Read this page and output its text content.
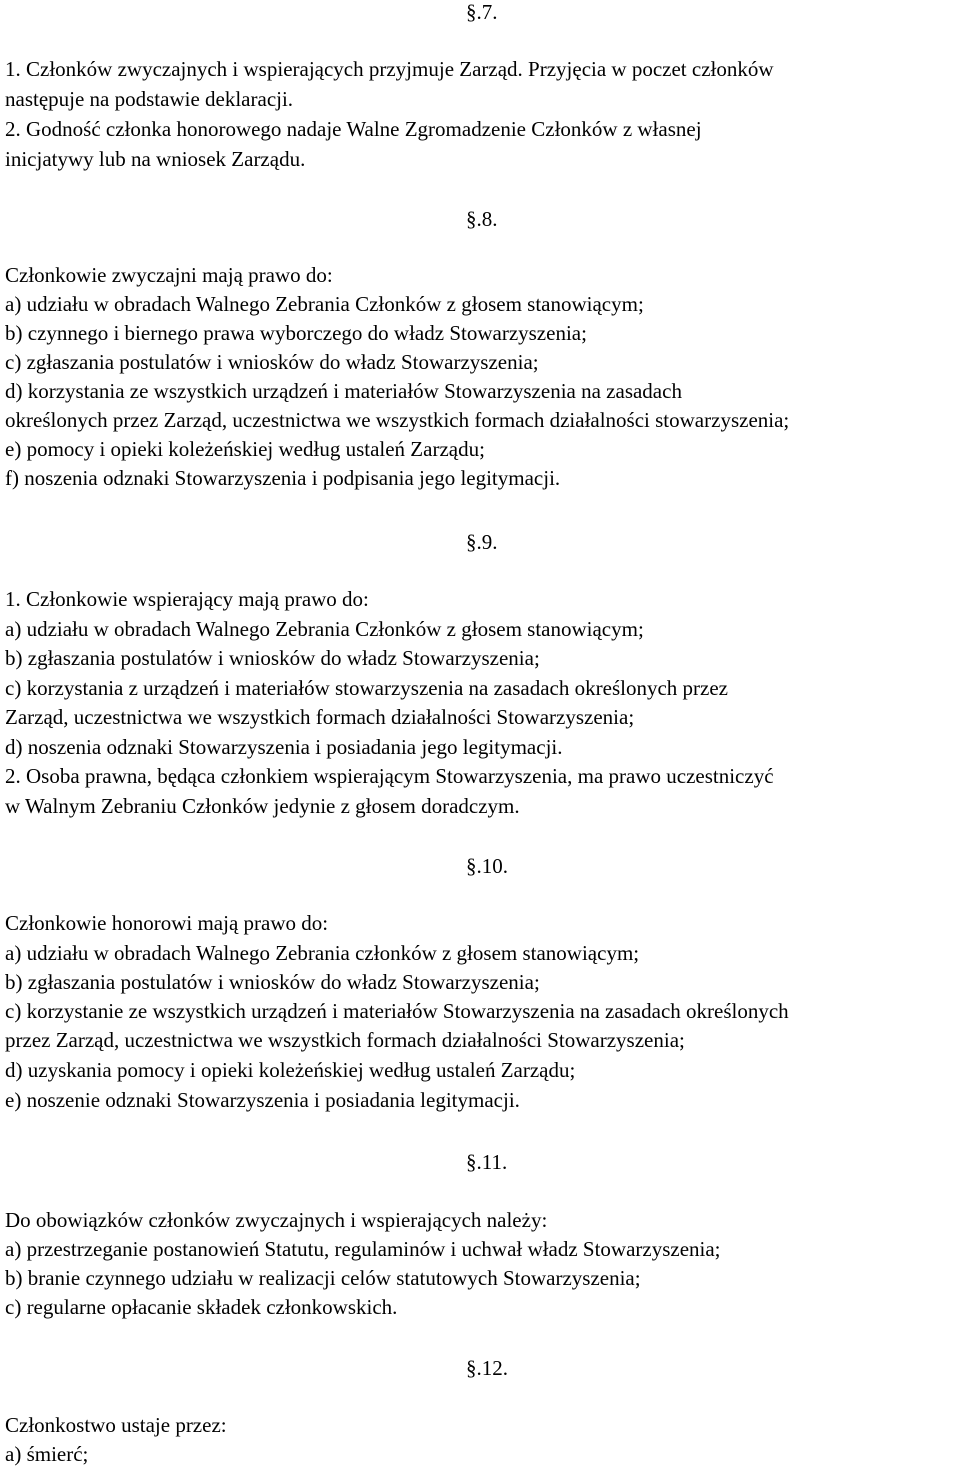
§.7.
1. Członków zwyczajnych i wspierających przyjmuje Zarząd. Przyjęcia w poczet członków
następuje na podstawie deklaracji.
2. Godność członka honorowego nadaje Walne Zgromadzenie Członków z własnej
inicjatywy lub na wniosek Zarządu.
§.8.
Członkowie zwyczajni mają prawo do:
a) udziału w obradach Walnego Zebrania Członków z głosem stanowiącym;
b) czynnego i biernego prawa wyborczego do władz Stowarzyszenia;
c) zgłaszania postulatów i wniosków do władz Stowarzyszenia;
d) korzystania ze wszystkich urządzeń i materiałów Stowarzyszenia na zasadach
określonych przez Zarząd, uczestnictwa we wszystkich formach działalności stowarzyszenia;
e) pomocy i opieki koleżeńskiej według ustaleń Zarządu;
f) noszenia odznaki Stowarzyszenia i podpisania jego legitymacji.
§.9.
1. Członkowie wspierający mają prawo do:
a) udziału w obradach Walnego Zebrania Członków z głosem stanowiącym;
b) zgłaszania postulatów i wniosków do władz Stowarzyszenia;
c) korzystania z urządzeń i materiałów stowarzyszenia na zasadach określonych przez
Zarząd, uczestnictwa we wszystkich formach działalności Stowarzyszenia;
d) noszenia odznaki Stowarzyszenia i posiadania jego legitymacji.
2. Osoba prawna, będąca członkiem wspierającym Stowarzyszenia, ma prawo uczestniczyć
w Walnym Zebraniu Członków jedynie z głosem doradczym.
§.10.
Członkowie honorowi mają prawo do:
a) udziału w obradach Walnego Zebrania członków z głosem stanowiącym;
b) zgłaszania postulatów i wniosków do władz Stowarzyszenia;
c) korzystanie ze wszystkich urządzeń i materiałów Stowarzyszenia na zasadach określonych
przez Zarząd, uczestnictwa we wszystkich formach działalności Stowarzyszenia;
d) uzyskania pomocy i opieki koleżeńskiej według ustaleń Zarządu;
e) noszenie odznaki Stowarzyszenia i posiadania legitymacji.
§.11.
Do obowiązków członków zwyczajnych i wspierających należy:
a) przestrzeganie postanowień Statutu, regulaminów i uchwał władz Stowarzyszenia;
b) branie czynnego udziału w realizacji celów statutowych Stowarzyszenia;
c) regularne opłacanie składek członkowskich.
§.12.
Członkostwo ustaje przez:
a) śmierć;
